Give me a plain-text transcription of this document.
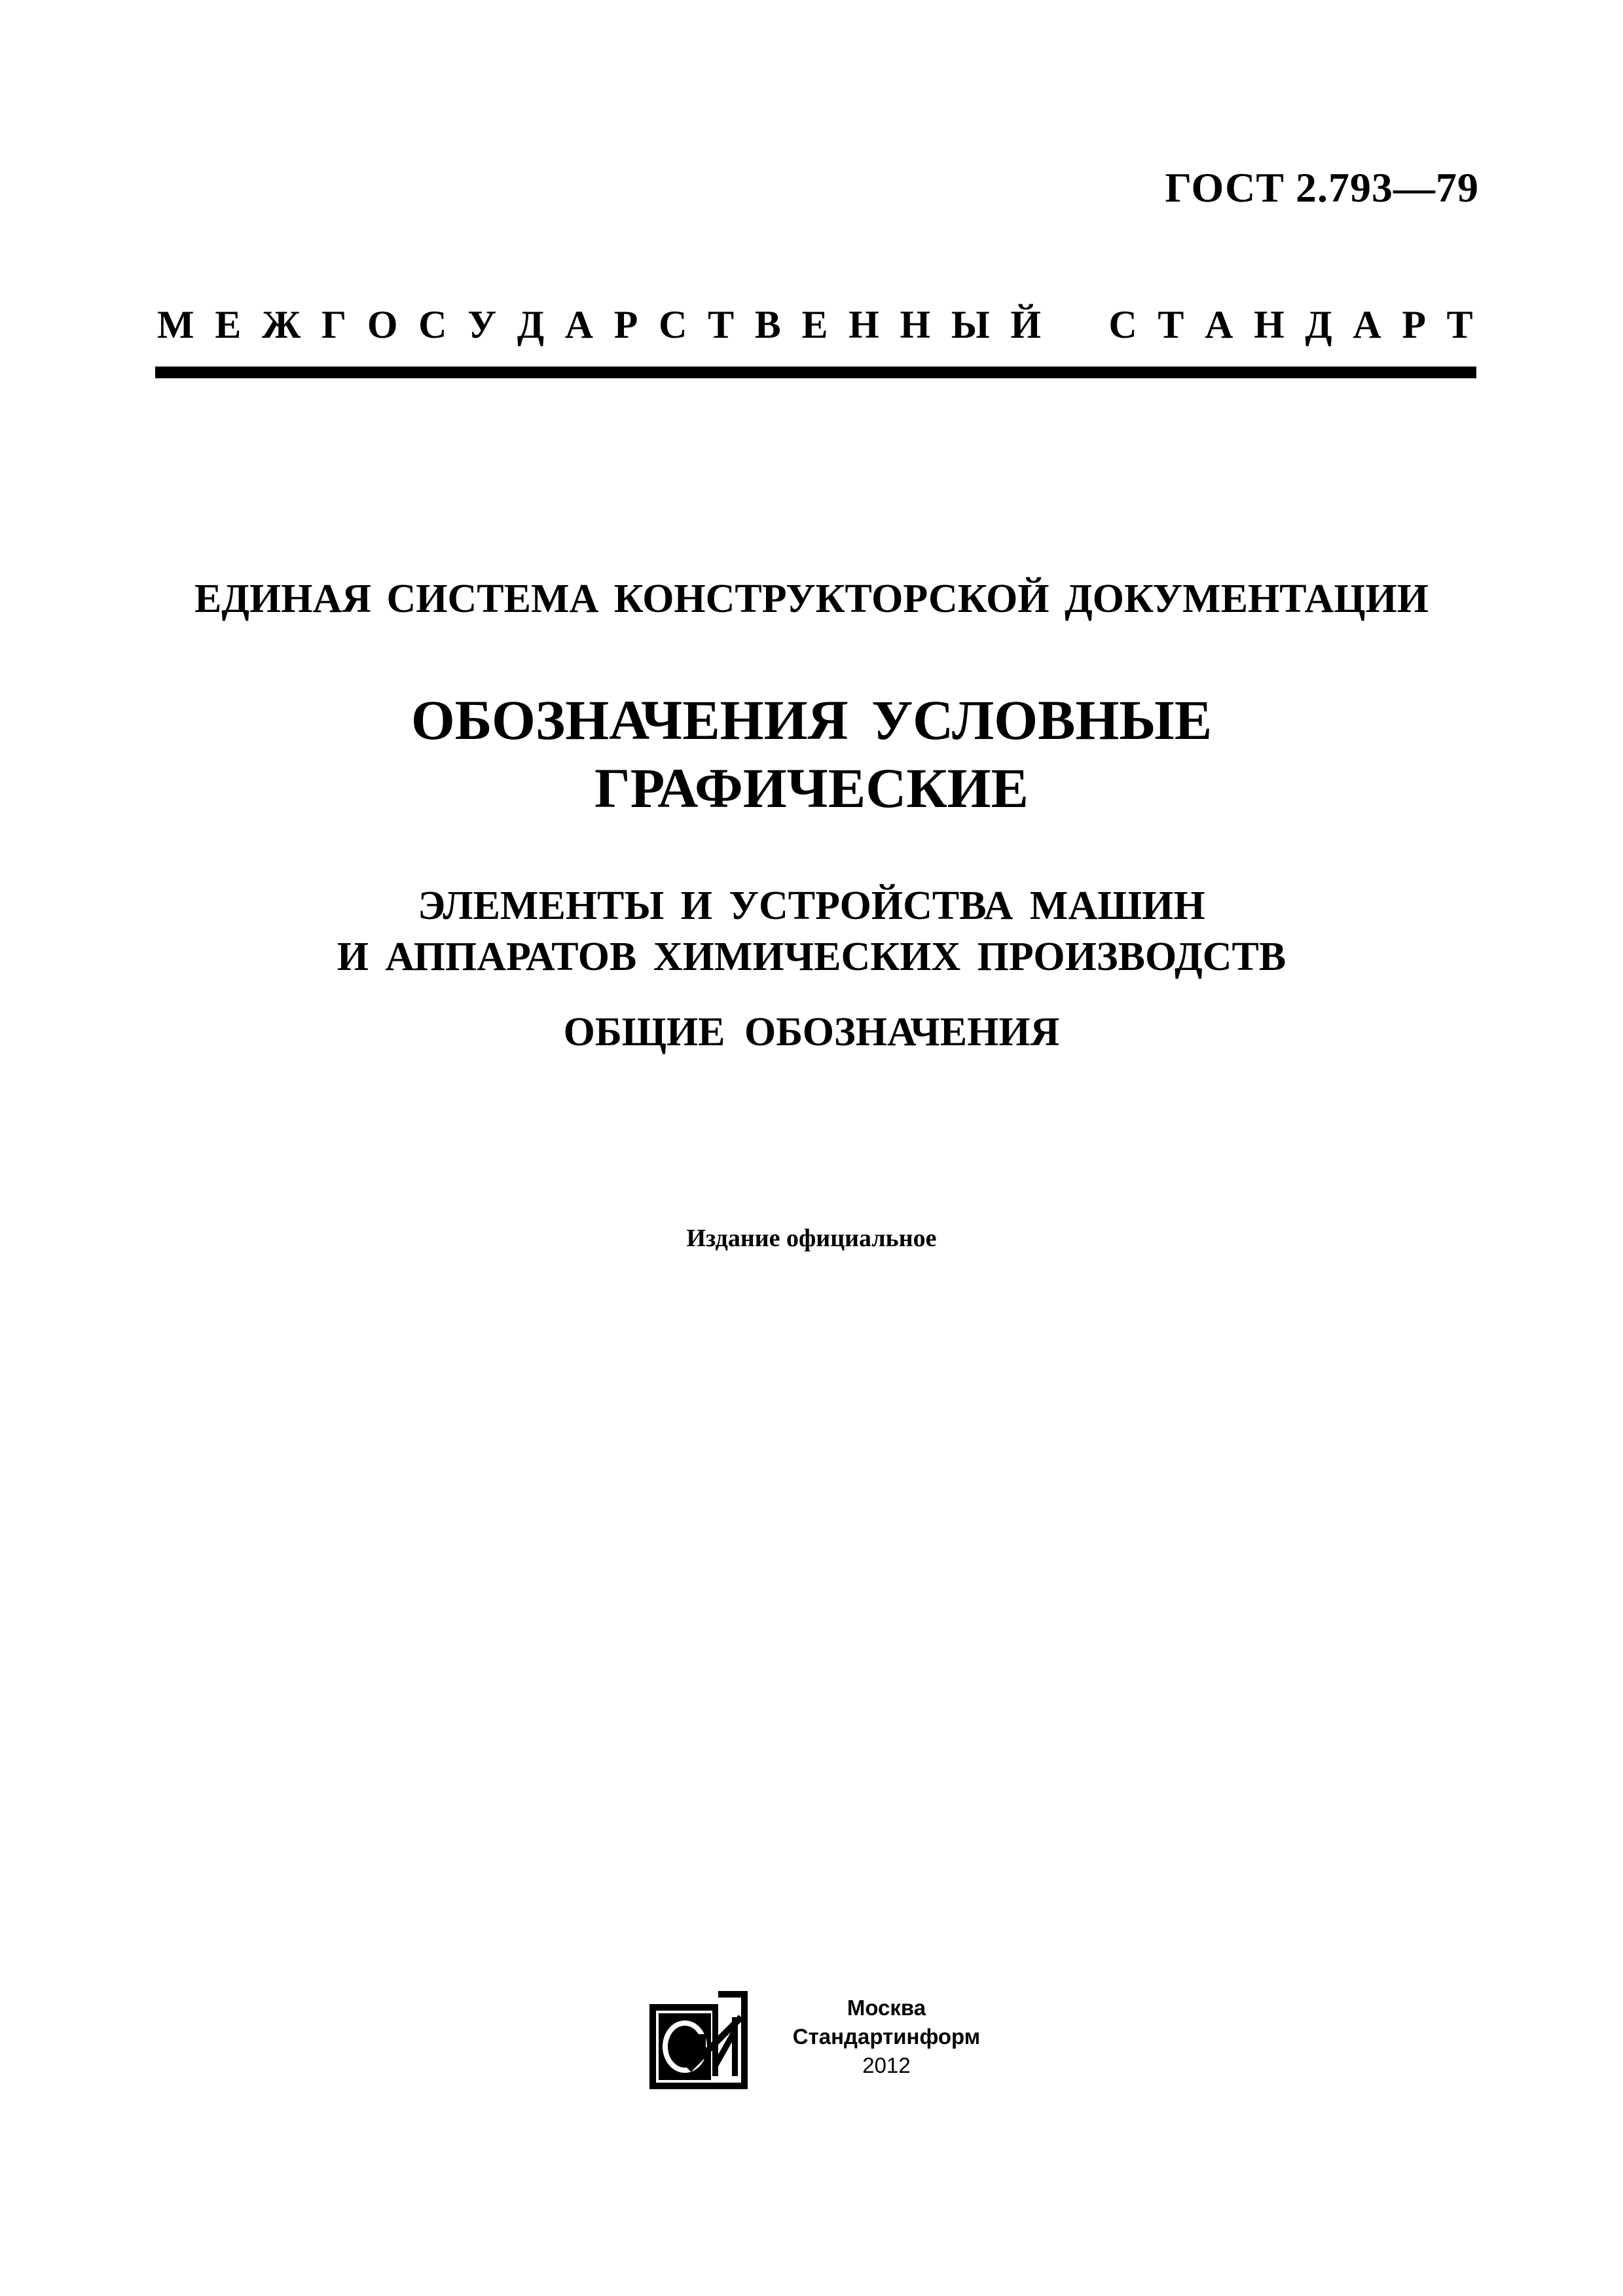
ГОСТ 2.793—79
М Е Ж Г О С У Д А Р С Т В Е Н Н Ы Й С Т А Н Д А Р Т
ЕДИНАЯ СИСТЕМА КОНСТРУКТОРСКОЙ ДОКУМЕНТАЦИИ
ОБОЗНАЧЕНИЯ УСЛОВНЫЕ
ГРАФИЧЕСКИЕ
ЭЛЕМЕНТЫ И УСТРОЙСТВА МАШИН
И АППАРАТОВ ХИМИЧЕСКИХ ПРОИЗВОДСТВ
ОБЩИЕ ОБОЗНАЧЕНИЯ
Издание официальное
Москва
Стандартинформ
2012
